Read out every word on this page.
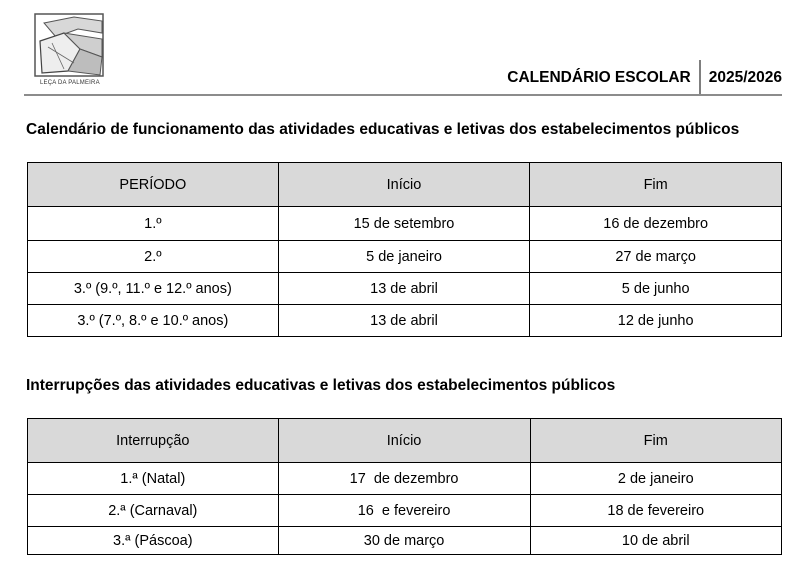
LEÇA DA PALMEIRA	CALENDÁRIO ESCOLAR	2025/2026
Calendário de funcionamento das atividades educativas e letivas dos estabelecimentos públicos
PERÍODO	Início	Fim
1.º	15 de setembro	16 de dezembro
2.º	5 de janeiro	27 de março
3.º (9.º, 11.º e 12.º anos)	13 de abril	5 de junho
3.º (7.º, 8.º e 10.º anos)	13 de abril	12 de junho
Interrupções das atividades educativas e letivas dos estabelecimentos públicos
Interrupção	Início	Fim
1.ª (Natal)	17  de dezembro	2 de janeiro
2.ª (Carnaval)	16  e fevereiro	18 de fevereiro
3.ª (Páscoa)	30 de março	10 de abril
